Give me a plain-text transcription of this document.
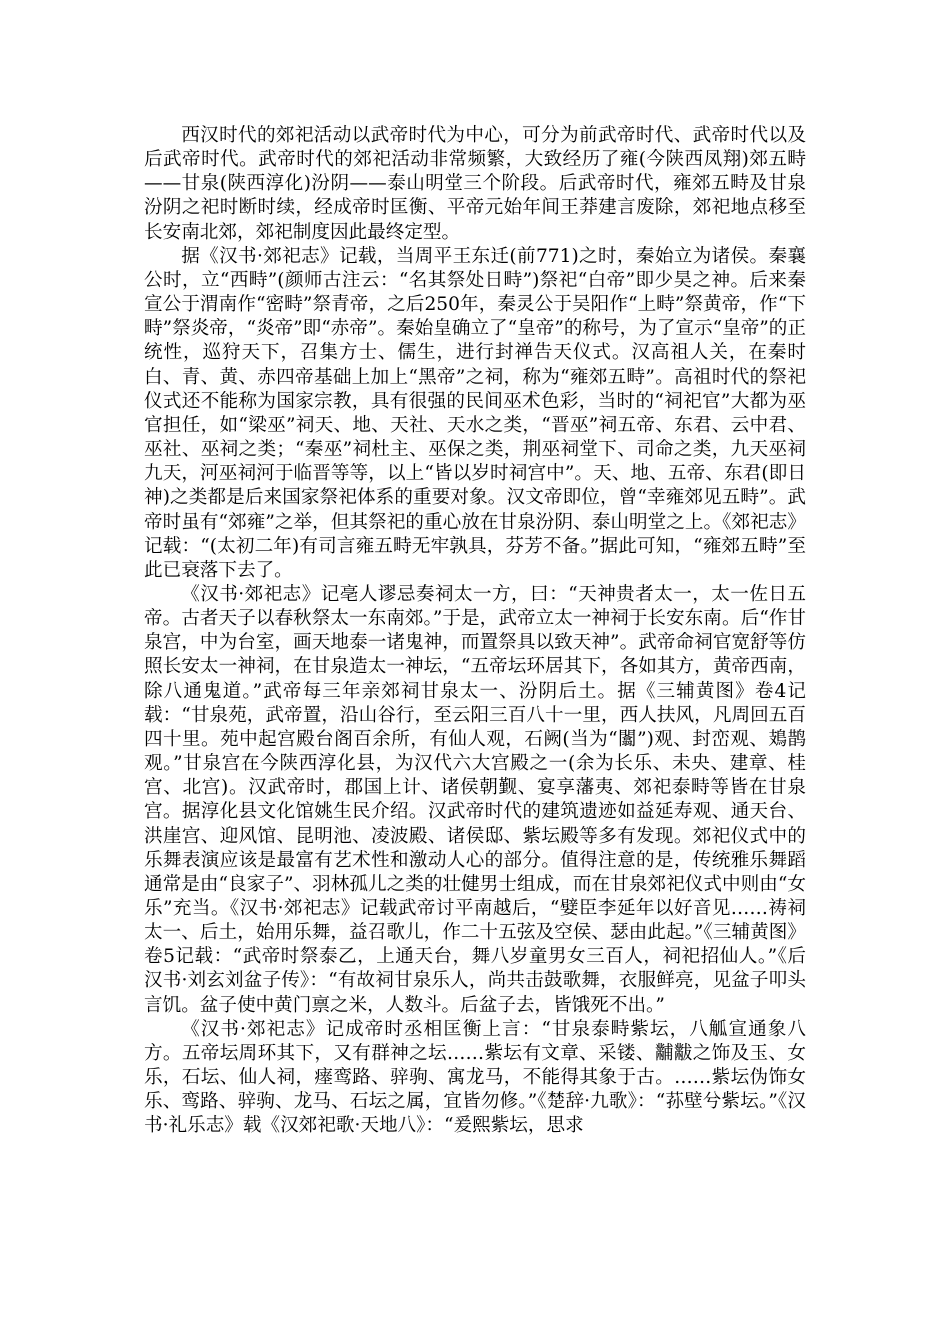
西汉时代的郊祀活动以武帝时代为中心，可分为前武帝时代、武帝时代以及后武帝时代。武帝时代的郊祀活动非常频繁，大致经历了雍(今陕西凤翔)郊五畤——甘泉(陕西淳化)汾阴——泰山明堂三个阶段。后武帝时代，雍郊五畤及甘泉汾阴之祀时断时续，经成帝时匡衡、平帝元始年间王莽建言废除，郊祀地点移至长安南北郊，郊祀制度因此最终定型。

据《汉书·郊祀志》记载，当周平王东迁(前771)之时，秦始立为诸侯。秦襄公时，立“西畤”(颜师古注云：“名其祭处日畤”)祭祀“白帝”即少昊之神。后来秦宣公于渭南作“密畤”祭青帝，之后250年，秦灵公于吴阳作“上畤”祭黄帝，作“下畤”祭炎帝，“炎帝”即“赤帝”。秦始皇确立了“皇帝”的称号，为了宣示“皇帝”的正统性，巡狩天下，召集方士、儒生，进行封禅告天仪式。汉高祖人关，在秦时白、青、黄、赤四帝基础上加上“黑帝”之祠，称为“雍郊五畤”。高祖时代的祭祀仪式还不能称为国家宗教，具有很强的民间巫术色彩，当时的“祠祀官”大都为巫官担任，如“梁巫”祠天、地、天社、天水之类，“晋巫”祠五帝、东君、云中君、巫社、巫祠之类；“秦巫”祠杜主、巫保之类，荆巫祠堂下、司命之类，九天巫祠九天，河巫祠河于临晋等等，以上“皆以岁时祠宫中”。天、地、五帝、东君(即日神)之类都是后来国家祭祀体系的重要对象。汉文帝即位，曾“幸雍郊见五畤”。武帝时虽有“郊雍”之举，但其祭祀的重心放在甘泉汾阴、泰山明堂之上。《郊祀志》记载：“(太初二年)有司言雍五畤无牢孰具，芬芳不备。”据此可知，“雍郊五畤”至此已衰落下去了。

《汉书·郊祀志》记亳人谬忌奏祠太一方，曰：“天神贵者太一，太一佐日五帝。古者天子以春秋祭太一东南郊。”于是，武帝立太一神祠于长安东南。后“作甘泉宫，中为台室，画天地泰一诸鬼神，而置祭具以致天神”。武帝命祠官宽舒等仿照长安太一神祠，在甘泉造太一神坛，“五帝坛环居其下，各如其方，黄帝西南，除八通鬼道。”武帝每三年亲郊祠甘泉太一、汾阴后土。据《三辅黄图》卷4记载：“甘泉苑，武帝置，沿山谷行，至云阳三百八十一里，西人扶风，凡周回五百四十里。苑中起宫殿台阁百余所，有仙人观，石阙(当为“闟”)观、封峦观、鳷鹊观。”甘泉宫在今陕西淳化县，为汉代六大宫殿之一(余为长乐、未央、建章、桂宫、北宫)。汉武帝时，郡国上计、诸侯朝觐、宴享藩夷、郊祀泰畤等皆在甘泉宫。据淳化县文化馆姚生民介绍。汉武帝时代的建筑遗迹如益延寿观、通天台、洪崖宫、迎风馆、昆明池、凌波殿、诸侯邸、紫坛殿等多有发现。郊祀仪式中的乐舞表演应该是最富有艺术性和激动人心的部分。值得注意的是，传统雅乐舞蹈通常是由“良家子”、羽林孤儿之类的壮健男士组成，而在甘泉郊祀仪式中则由“女乐”充当。《汉书·郊祀志》记载武帝讨平南越后，“嬖臣李延年以好音见……祷祠太一、后土，始用乐舞，益召歌儿，作二十五弦及空侯、瑟由此起。”《三辅黄图》卷5记载：“武帝时祭泰乙，上通天台，舞八岁童男女三百人，祠祀招仙人。”《后汉书·刘玄刘盆子传》：“有故祠甘泉乐人，尚共击鼓歌舞，衣服鲜亮，见盆子叩头言饥。盆子使中黄门禀之米，人数斗。后盆子去，皆饿死不出。”

《汉书·郊祀志》记成帝时丞相匡衡上言：“甘泉泰畤紫坛，八觚宣通象八方。五帝坛周环其下，又有群神之坛……紫坛有文章、采镂、黼黻之饰及玉、女乐，石坛、仙人祠，瘗鸾路、骍驹、寓龙马，不能得其象于古。……紫坛伪饰女乐、鸾路、骍驹、龙马、石坛之属，宜皆勿修。”《楚辞·九歌》：“荪壁兮紫坛。”《汉书·礼乐志》载《汉郊祀歌·天地八》：“爰熙紫坛，思求
